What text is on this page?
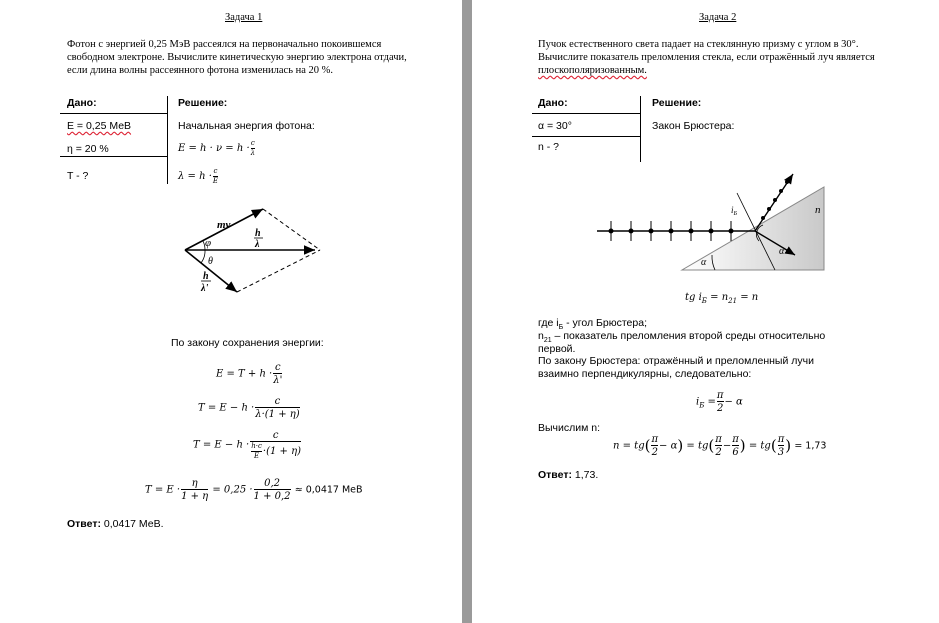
Задача 1
Фотон с энергией 0,25 МэВ рассеялся на первоначально покоившемся
свободном электроне. Вычислите кинетическую энергию электрона отдачи,
если длина волны рассеянного фотона изменилась на 20 %.
Дано:	Решение:
E = 0,25 МеВ
η = 20 %
T - ?
Начальная энергия фотона:
$E = h \cdot \nu = h \cdot \frac{c}{\lambda}$
$\lambda = h \cdot \frac{c}{E}$
mv
φ
θ
h
λ
h
λ'
По закону сохранения энергии:
$E = T + h \cdot \frac{c}{\lambda'}$
$T = E - h \cdot \frac{c}{\lambda\cdot(1 + \eta)}$
$T = E - h \cdot \frac{c}{\frac{h\cdot c}{E} \cdot(1 + \eta)}$
$T = E \cdot \frac{\eta}{1 + \eta} = 0,25 \cdot \frac{0,2}{1 + 0,2} \approx 0,0417$ МеВ
Ответ: 0,0417 МеВ.
Задача 2
Пучок естественного света падает на стеклянную призму с углом в 30°.
Вычислите показатель преломления стекла, если отражённый луч является
плоскополяризованным.
Дано:	Решение:
α = 30°
n - ?
Закон Брюстера:
n
α
α
$i_Б$
tg $i_Б = n_{21} = n$
где $i_Б$ - угол Брюстера;
$n_{21}$ – показатель преломления второй среды относительно
первой.
По закону Брюстера: отражённый и преломленный лучи
взаимно перпендикулярны, следовательно:
$i_Б = \frac{\pi}{2} - \alpha$
Вычислим n:
$n = tg( \frac{\pi}{2} - \alpha) = tg( \frac{\pi}{2} - \frac{\pi}{6}$ ) = $tg( \frac{\pi}{3}$ ) = 1,73
Ответ: 1,73.
